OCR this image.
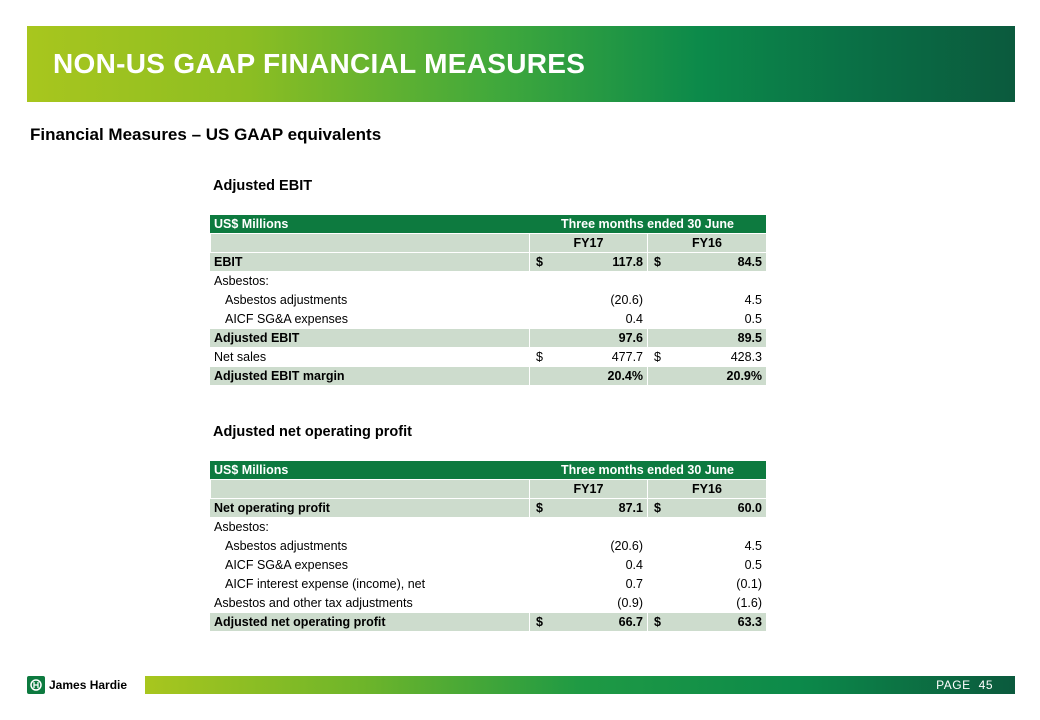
NON-US GAAP FINANCIAL MEASURES
Financial Measures – US GAAP equivalents
Adjusted EBIT
US$ Millions	Three months ended 30 June	
	FY17	FY16
EBIT	$ 117.8	$ 84.5
Asbestos:		
Asbestos adjustments	(20.6)	4.5
AICF SG&A expenses	0.4	0.5
Adjusted EBIT	97.6	89.5
Net sales	$ 477.7	$ 428.3
Adjusted EBIT margin	20.4%	20.9%
Adjusted net operating profit
US$ Millions	Three months ended 30 June	
	FY17	FY16
Net operating profit	$ 87.1	$ 60.0
Asbestos:		
Asbestos adjustments	(20.6)	4.5
AICF SG&A expenses	0.4	0.5
AICF interest expense (income), net	0.7	(0.1)
Asbestos and other tax adjustments	(0.9)	(1.6)
Adjusted net operating profit	$ 66.7	$ 63.3
James Hardie	PAGE 45
